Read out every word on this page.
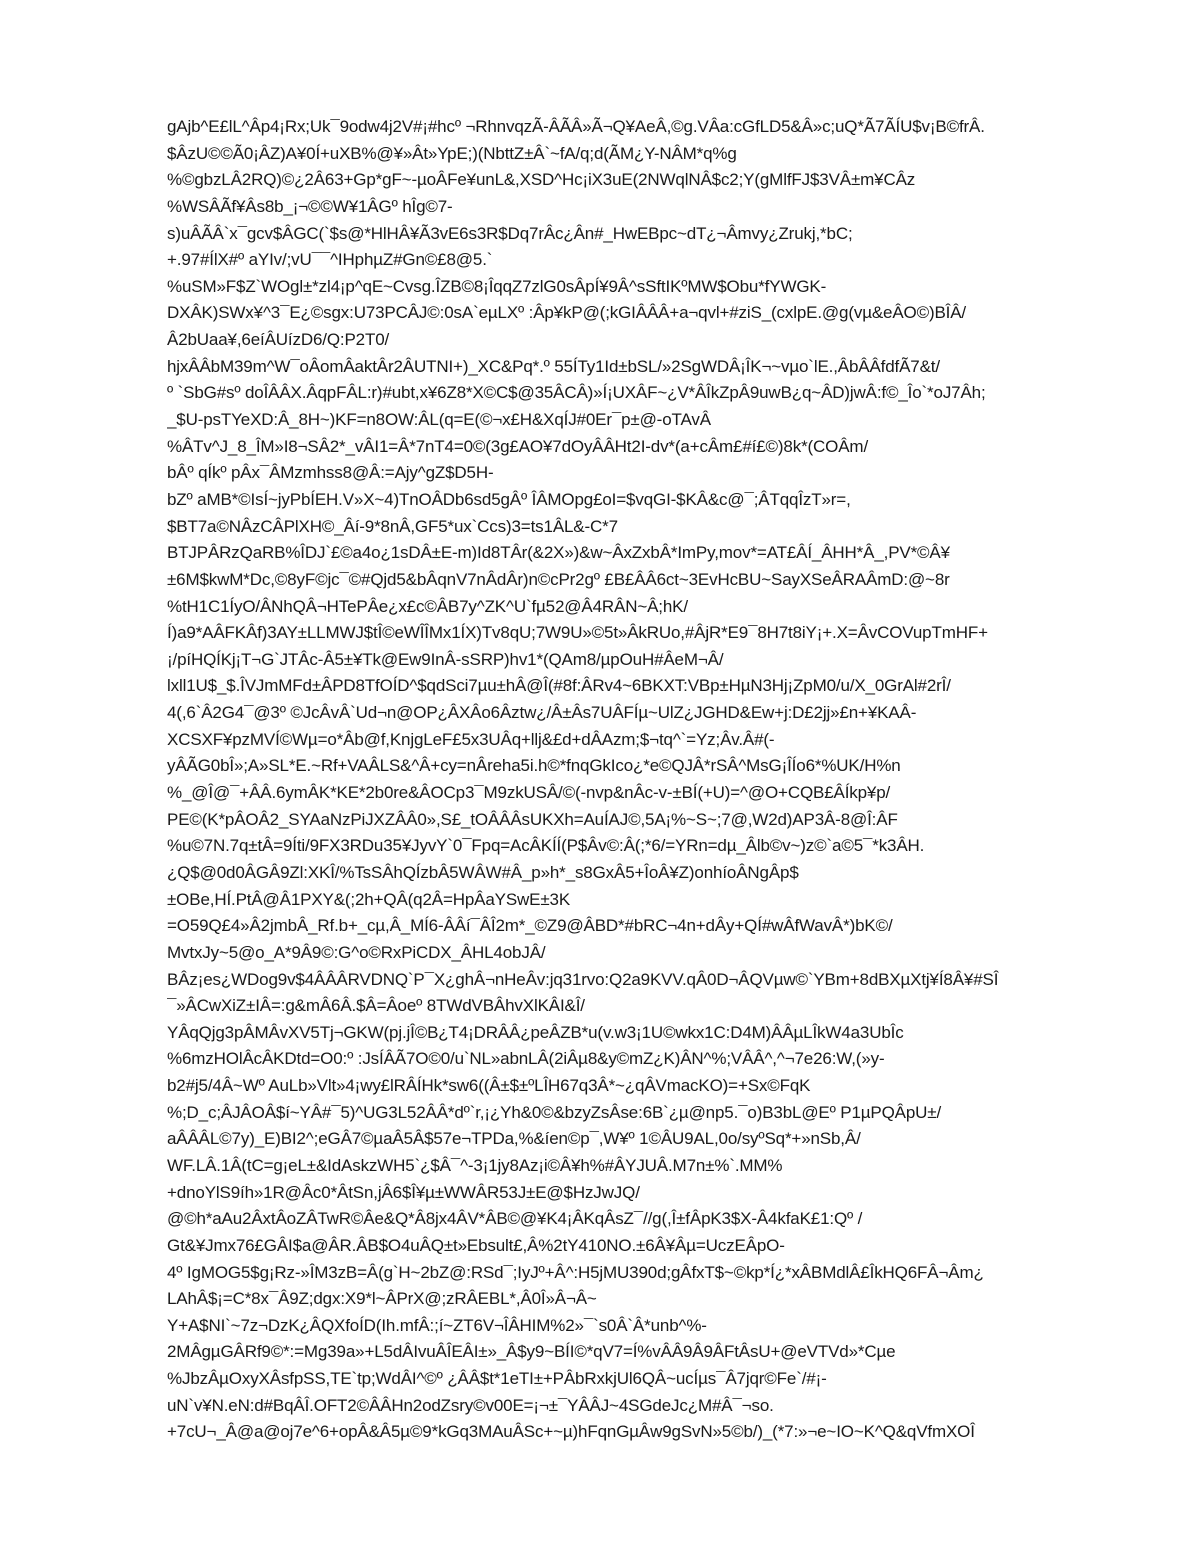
gAjb^E£lL^Âp4¡Rx;Uk¯9odw4j2V#¡#hcº ¬RhnvqzÃ-ÂÃÂ»Ã¬Q¥AeÂ,©g.VÂa:cGfLD5&Â»c;uQ*Ã7ÃÍU$v¡B©frÂ.
$ÂzU©©Ã0¡ÂZ)A¥0Í+uXB%@¥»Ât»YpE;)(NbttZ±Â`~fA/q;d(ÃM¿Y-NÂM*q%g
%©gbzLÂ2RQ)©¿2Â63+Gp*gF~-µoÂFe¥unL&,XSD^Hc¡iX3uE(2NWqlNÂ$c2;Y(gMlfFJ$3VÂ±m¥CÂz
%WSÂÃf¥Âs8b_¡¬©©W¥1ÂGº hÎg©7-
s)uÂÃÂ`x¯gcv$ÂGC(`$s@*HlHÂ¥Ã3vE6s3R$Dq7rÂc¿Ân#_HwEBpc~dT¿¬Âmvy¿Zrukj,*bC;
+.97#ÍlX#º aYIv/;vU¯¯^IHphµZ#Gn©£8@5.`
%uSM»F$Z`WOgl±*zl4¡p^qE~Cvsg.ÎZB©8¡ÎqqZ7zlG0sÂpÍ¥9Â^sSftIKºMW$Obu*fYWGK-
DXÂK)SWx¥^3¯E¿©sgx:U73PCÂJ©:0sA`eµLXº :Âp¥kP@(;kGIÂÂÂ+a¬qvl+#ziS_(cxlpE.@g(vµ&eÂO©)BÎÂ/
Â2bUaa¥,6eíÂUízD6/Q:P2T0/
hjxÂÂbM39m^W¯oÂomÂaktÂr2ÂUTNI+)_XC&Pq*.º 55ÍTy1Id±bSL/»2SgWDÂ¡ÎK¬~vµo`lE.,ÂbÂÂfdfÃ7&t/
º `SbG#sº doÎÂÂX.ÂqpFÂL:r)#ubt,x¥6Z8*X©C$@35ÂCÂ)»Í¡UXÂF~¿V*ÂÎkZpÂ9uwB¿q~ÂD)jwÂ:f©_Îo`*oJ7Âh;
_$U-psTYeXD:Â_8H~)KF=n8OW:ÂL(q=E(©¬x£H&XqÍJ#0Er¯p±@-oTAvÂ
%ÂTv^J_8_ÎM»I8¬SÂ2*_vÂI1=Â*7nT4=0©(3g£AO¥7dOyÂÂHt2I-dv*(a+cÂm£#í£©)8k*(COÂm/
bÂº qÍkº pÂx¯ÂMzmhss8@Â:=Ajy^gZ$D5H-
bZº aMB*©IsÍ~jyPbÍEH.V»X~4)TnOÂDb6sd5gÂº ÎÂMOpg£oI=$vqGI-$KÂ&c@¯;ÂTqqÎzT»r=,
$BT7a©NÂzCÂPlXH©_Âí-9*8nÂ,GF5*ux`Ccs)3=ts1ÂL&-C*7
BTJPÂRzQaRB%ÎDJ`£©a4o¿1sDÂ±E-m)Id8TÂr(&2X»)&w~ÂxZxbÂ*ImPy,mov*=AT£ÂÍ_ÂHH*Â_,PV*©Â¥
±6M$kwM*Dc,©8yF©jc¯©#Qjd5&bÂqnV7nÂdÂr)n©cPr2gº £B£ÂÂ6ct~3EvHcBU~SayXSeÂRAÂmD:@~8r
%tH1C1ÍyO/ÂNhQÂ¬HTePÂe¿x£c©ÂB7y^ZK^U`fµ52@Â4RÂN~Â;hK/
Í)a9*AÂFKÂf)3AY±LLMWJ$tÎ©eWÎÎMx1ÍX)Tv8qU;7W9U»©5t»ÂkRUo,#ÂjR*E9¯8H7t8iY¡+.X=ÂvCOVupTmHF+
¡/píHQÍKj¡T¬G`JTÂc-Â5±¥Tk@Ew9InÂ-sSRP)hv1*(QAm8/µpOuH#ÂeM¬Â/
lxll1U$_$.ÎVJmMFd±ÂPD8TfOÍD^$qdSci7µu±hÂ@Î(#8f:ÂRv4~6BKXT:VBp±HµN3Hj¡ZpM0/u/X_0GrAl#2rÎ/
4(,6`Â2G4¯@3º ©JcÂvÂ`Ud¬n@OP¿ÂXÂo6Âztw¿/Â±Âs7UÂFÍµ~UlZ¿JGHD&Ew+j:D£2jj»£n+¥KAÂ-
XCSXF¥pzMVÍ©Wµ=o*Âb@f,KnjgLeF£5x3UÂq+llj&£d+dÂAzm;$¬tq^`=Yz;Âv.Â#(-
yÂÃG0bÎ»;A»SL*E.~Rf+VAÂLS&^Â+cy=nÂreha5i.h©*fnqGkIco¿*e©QJÂ*rSÂ^MsG¡ÎÍo6*%UK/H%n
%_@Î@¯+ÂÂ.6ymÂK*KE*2b0re&ÂOCp3¯M9zkUSÂ/©(-nvp&nÂc-v-±BÍ(+U)=^@O+CQB£ÂÍkp¥p/
PE©(K*pÂOÂ2_SYAaNzPiJXZÂÂ0»,S£_tOÂÂÂsUKXh=AuÍAJ©,5A¡%~S~;7@,W2d)AP3Â-8@Î:ÂF
%u©7N.7q±tÂ=9Íti/9FX3RDu35¥JyvY`0¯Fpq=AcÂKÍÍ(P$Âv©:Â(;*6/=YRn=dµ_Âlb©v~)z©`a©5¯*k3ÂH.
¿Q$@0d0ÂGÂ9Zl:XKÎ/%TsSÂhQÍzbÂ5WÂW#Â_p»h*_s8GxÂ5+ÎoÂ¥Z)onhíoÂNgÂp$
±OBe,HÍ.PtÂ@Â1PXY&(;2h+QÂ(q2Â=HpÂaYSwE±3K
=O59Q£4»Â2jmbÂ_Rf.b+_cµ,Â_MÍ6-ÂÂí¯ÂÎ2m*_©Z9@ÂBD*#bRC¬4n+dÂy+QÍ#wÂfWavÂ*)bK©/
MvtxJy~5@o_A*9Â9©:G^o©RxPiCDX_ÂHL4obJÂ/
BÂz¡es¿WDog9v$4ÂÂÂRVDNQ`P¯X¿ghÂ¬nHeÂv:jq31rvo:Q2a9KVV.qÂ0D¬ÂQVµw©`YBm+8dBXµXtj¥Í8Â¥#SÎ
¯»ÂCwXiZ±IÂ=:g&mÂ6Â.$Â=Âoeº 8TWdVBÂhvXlKÂI&Î/
YÂqQjg3pÂMÂvXV5Tj¬GKW(pj.jÎ©B¿T4¡DRÂÂ¿peÂZB*u(v.w3¡1U©wkx1C:D4M)ÂÂµLÎkW4a3UbÎc
%6mzHOlÂcÂKDtd=O0:º :JsÍÂÃ7O©0/u`NL»abnLÂ(2iÂµ8&y©mZ¿K)ÂN^%;VÂÂ^,^¬7e26:W,(»y-
b2#j5/4Â~Wº AuLb»Vlt»4¡wy£lRÂÍHk*sw6((Â±$±ºLÎH67q3Â*~¿qÂVmacKO)=+Sx©FqK
%;D_c;ÂJÂOÂ$í~YÂ#¯5)^UG3L52ÂÂ*dº`r,¡¿Yh&0©&bzyZsÂse:6B`¿µ@np5.¯o)B3bL@Eº P1µPQÂpU±/
aÂÂÂL©7y)_E)BI2^;eGÂ7©µaÂ5Â$57e¬TPDa,%&íen©p¯,W¥º 1©ÂU9AL,0o/syºSq*+»nSb,Â/
WF.LÂ.1Â(tC=g¡eL±&IdAskzWH5`¿$Â¯^-3¡1jy8Az¡i©Â¥h%#ÂYJUÂ.M7n±%`.MM%
+dnoYlS9íh»1R@Âc0*ÂtSn,jÂ6$Î¥µ±WWÂR53J±E@$HzJwJQ/
@©h*aAu2ÂxtÂoZÂTwR©Âe&Q*Â8jx4ÂV*ÂB©@¥K4¡ÂKqÂsZ¯//g(,Î±fÂpK3$X-Â4kfaK£1:Qº /
Gt&¥Jmx76£GÂI$a@ÂR.ÂB$O4uÂQ±t»Ebsult£,Â%2tY410NO.±6Â¥Âµ=UczEÂpO-
4º IgMOG5$g¡Rz-»ÎM3zB=Â(g`H~2bZ@:RSd¯;IyJº+Â^:H5jMU390d;gÂfxT$~©kp*Í¿*xÂBMdlÂ£ÎkHQ6FÂ¬Âm¿
LAhÂ$¡=C*8x¯Â9Z;dgx:X9*l~ÂPrX@;zRÂEBL*,Â0Î»Â¬Â~
Y+A$NI`~7z¬DzK¿ÂQXfoÍD(Ih.mfÂ:;í~ZT6V¬ÎÂHIM%2»¯`s0Â`Â*unb^%-
2MÂgµGÂRf9©*:=Mg39a»+L5dÂIvuÂÎEÂI±»_Â$y9~BÍI©*qV7=Í%vÂÂ9Â9ÂFtÂsU+@eVTVd»*Cµe
%JbzÂµOxyXÂsfpSS,TE`tp;WdÂI^©º ¿ÂÂ$t*1eTI±+PÂbRxkjUl6QÂ~ucÍµs¯Â7jqr©Fe`/#¡-
uN`v¥N.eN:d#BqÂÎ.OFT2©ÂÂHn2odZsry©v00E=¡¬±¯YÂÂJ~4SGdeJc¿M#Â¯¬so.
+7cU¬_Â@a@oj7e^6+opÂ&Â5µ©9*kGq3MAuÂSc+~µ)hFqnGµÂw9gSvN»5©b/)_(*7:»¬e~IO~K^Q&qVfmXOÎ
